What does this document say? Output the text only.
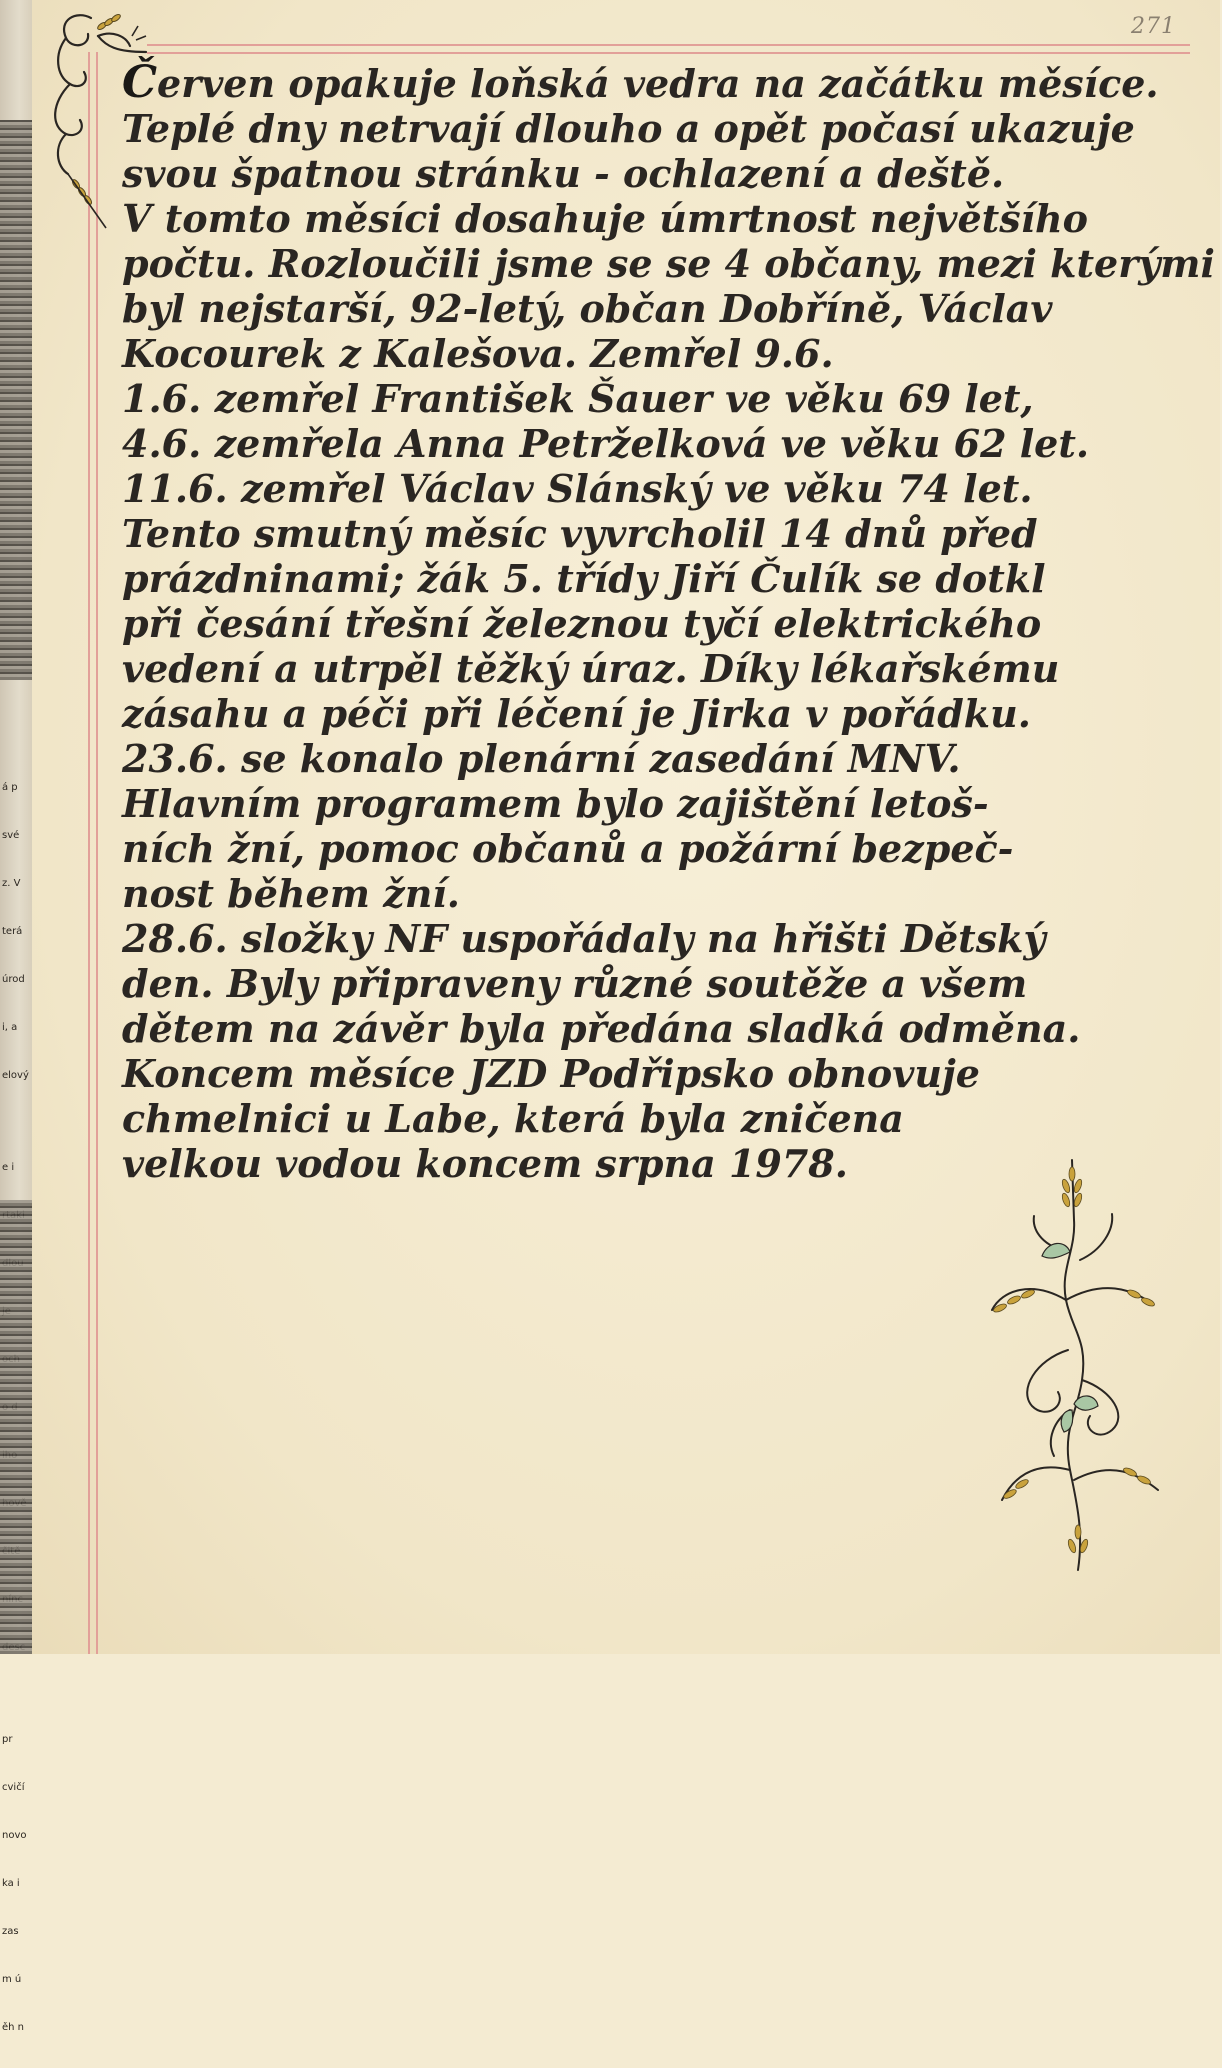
á p

své

z. V

terá

úrod

i, a

elový

e i

pr

cvičí

novo

ka i

zas

m ú

ěh n

271
Červen opakuje loňská vedra na začátku měsíce.
Teplé dny netrvají dlouho a opět počasí ukazuje
svou špatnou stránku - ochlazení a deště.
V tomto měsíci dosahuje úmrtnost největšího
počtu. Rozloučili jsme se se 4 občany, mezi kterými
byl nejstarší, 92-letý, občan Dobříně, Václav
Kocourek z Kalešova. Zemřel 9.6.
1.6. zemřel František Šauer ve věku 69 let,
4.6. zemřela Anna Petrželková ve věku 62 let.
11.6. zemřel Václav Slánský ve věku 74 let.
Tento smutný měsíc vyvrcholil 14 dnů před
prázdninami; žák 5. třídy Jiří Čulík se dotkl
při česání třešní železnou tyčí elektrického
vedení a utrpěl těžký úraz. Díky lékařskému
zásahu a péči při léčení je Jirka v pořádku.
23.6. se konalo plenární zasedání MNV.
Hlavním programem bylo zajištění letoš-
ních žní, pomoc občanů a požární bezpeč-
nost během žní.
28.6. složky NF uspořádaly na hřišti Dětský
den. Byly připraveny různé soutěže a všem
dětem na závěr byla předána sladká odměna.
Koncem měsíce JZD Podřipsko obnovuje
chmelnici u Labe, která byla zničena
velkou vodou koncem srpna 1978.
